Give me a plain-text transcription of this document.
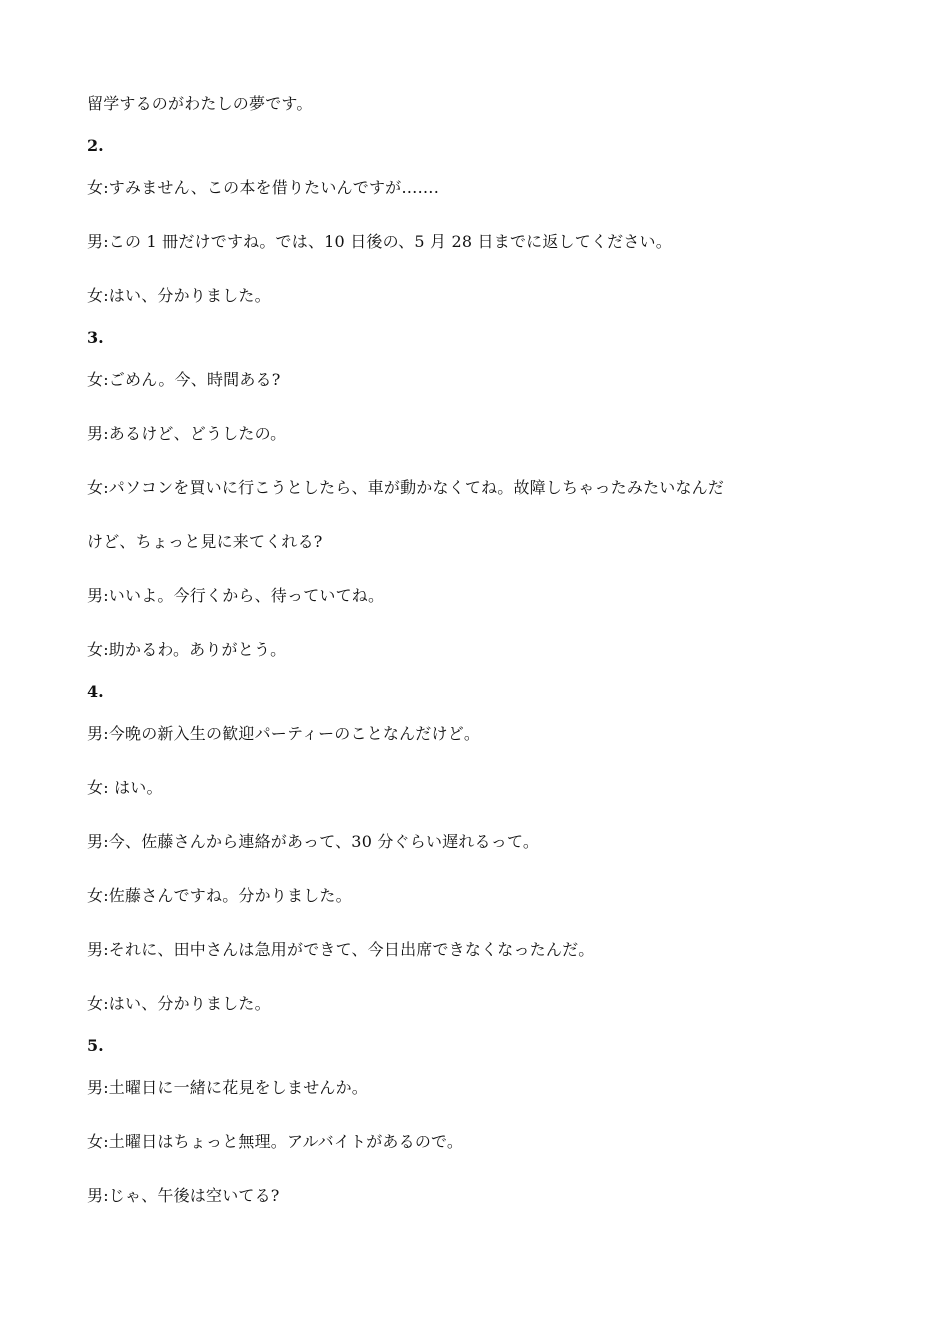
留学するのがわたしの夢です。
2.
女:すみません、この本を借りたいんですが…….
男:この 1 冊だけですね。では、10 日後の、5 月 28 日までに返してください。
女:はい、分かりました。
3.
女:ごめん。今、時間ある?
男:あるけど、どうしたの。
女:パソコンを買いに行こうとしたら、車が動かなくてね。故障しちゃったみたいなんだ
けど、ちょっと見に来てくれる?
男:いいよ。今行くから、待っていてね。
女:助かるわ。ありがとう。
4.
男:今晩の新入生の歓迎パーティーのことなんだけど。
女: はい。
男:今、佐藤さんから連絡があって、30 分ぐらい遅れるって。
女:佐藤さんですね。分かりました。
男:それに、田中さんは急用ができて、今日出席できなくなったんだ。
女:はい、分かりました。
5.
男:土曜日に一緒に花見をしませんか。
女:土曜日はちょっと無理。アルバイトがあるので。
男:じゃ、午後は空いてる?
